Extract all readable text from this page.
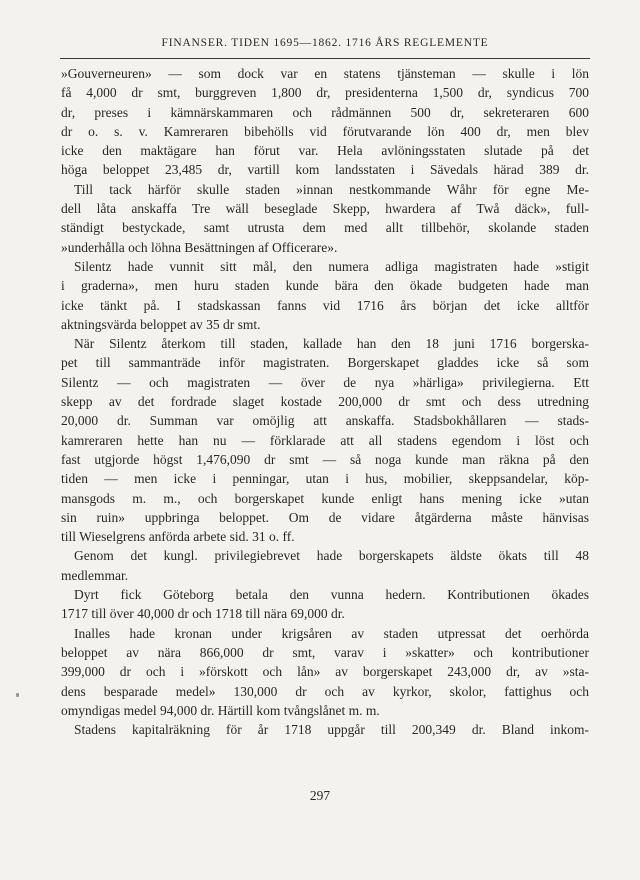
FINANSER. TIDEN 1695—1862. 1716 ÅRS REGLEMENTE
»Gouverneuren» — som dock var en statens tjänsteman — skulle i lön
få 4,000 dr smt, burggreven 1,800 dr, presidenterna 1,500 dr, syndicus 700
dr, preses i kämnärskammaren och rådmännen 500 dr, sekreteraren 600
dr o. s. v. Kamreraren bibehölls vid förutvarande lön 400 dr, men blev
icke den maktägare han förut var. Hela avlöningsstaten slutade på det
höga beloppet 23,485 dr, vartill kom landsstaten i Sävedals härad 389 dr.
Till tack härför skulle staden »innan nestkommande Wåhr för egne Me-
dell låta anskaffa Tre wäll beseglade Skepp, hwardera af Twå däck», full-
ständigt bestyckade, samt utrusta dem med allt tillbehör, skolande staden
»underhålla och löhna Besättningen af Officerare».
Silentz hade vunnit sitt mål, den numera adliga magistraten hade »stigit
i graderna», men huru staden kunde bära den ökade budgeten hade man
icke tänkt på. I stadskassan fanns vid 1716 års början det icke alltför
aktningsvärda beloppet av 35 dr smt.
När Silentz återkom till staden, kallade han den 18 juni 1716 borgerska-
pet till sammanträde inför magistraten. Borgerskapet gladdes icke så som
Silentz — och magistraten — över de nya »härliga» privilegierna. Ett
skepp av det fordrade slaget kostade 200,000 dr smt och dess utredning
20,000 dr. Summan var omöjlig att anskaffa. Stadsbokhållaren — stads-
kamreraren hette han nu — förklarade att all stadens egendom i löst och
fast utgjorde högst 1,476,090 dr smt — så noga kunde man räkna på den
tiden — men icke i penningar, utan i hus, mobilier, skeppsandelar, köp-
mansgods m. m., och borgerskapet kunde enligt hans mening icke »utan
sin ruin» uppbringa beloppet. Om de vidare åtgärderna måste hänvisas
till Wieselgrens anförda arbete sid. 31 o. ff.
Genom det kungl. privilegiebrevet hade borgerskapets äldste ökats till 48
medlemmar.
Dyrt fick Göteborg betala den vunna hedern. Kontributionen ökades
1717 till över 40,000 dr och 1718 till nära 69,000 dr.
Inalles hade kronan under krigsåren av staden utpressat det oerhörda
beloppet av nära 866,000 dr smt, varav i »skatter» och kontributioner
399,000 dr och i »förskott och lån» av borgerskapet 243,000 dr, av »sta-
dens besparade medel» 130,000 dr och av kyrkor, skolor, fattighus och
omyndigas medel 94,000 dr. Härtill kom tvångslånet m. m.
Stadens kapitalräkning för år 1718 uppgår till 200,349 dr. Bland inkom-
297
